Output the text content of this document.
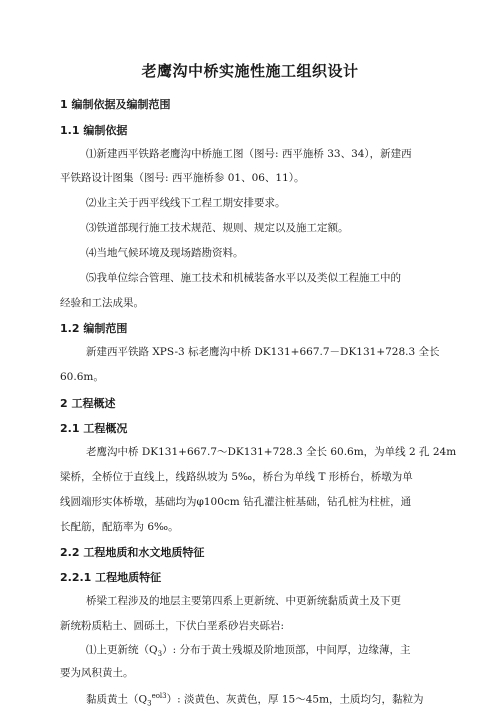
老鹰沟中桥实施性施工组织设计
1 编制依据及编制范围
1.1 编制依据
⑴新建西平铁路老鹰沟中桥施工图（图号: 西平施桥 33、34），新建西
平铁路设计图集（图号: 西平施桥参 01、06、11）。
⑵业主关于西平线线下工程工期安排要求。
⑶铁道部现行施工技术规范、规则、规定以及施工定额。
⑷当地气候环境及现场踏勘资料。
⑸我单位综合管理、施工技术和机械装备水平以及类似工程施工中的
经验和工法成果。
1.2 编制范围
新建西平铁路 XPS-3 标老鹰沟中桥 DK131+667.7－DK131+728.3 全长
60.6m。
2 工程概述
2.1 工程概况
老鹰沟中桥 DK131+667.7～DK131+728.3 全长 60.6m，为单线 2 孔 24m
梁桥，全桥位于直线上，线路纵坡为 5‰，桥台为单线 T 形桥台，桥墩为单
线圆端形实体桥墩，基础均为φ100cm 钻孔灌注桩基础，钻孔桩为柱桩，通
长配筋，配筋率为 6‰。
2.2 工程地质和水文地质特征
2.2.1 工程地质特征
桥梁工程涉及的地层主要第四系上更新统、中更新统黏质黄土及下更
新统粉质粘土、圆砾土，下伏白垩系砂岩夹砾岩:
⑴上更新统$(Q_3)$: 分布于黄土残塬及阶地顶部，中间厚，边缘薄，主
要为风积黄土。
黏质黄土$(Q_3^{eol3})$: 淡黄色、灰黄色，厚 15～45m，土质均匀，黏粒为
